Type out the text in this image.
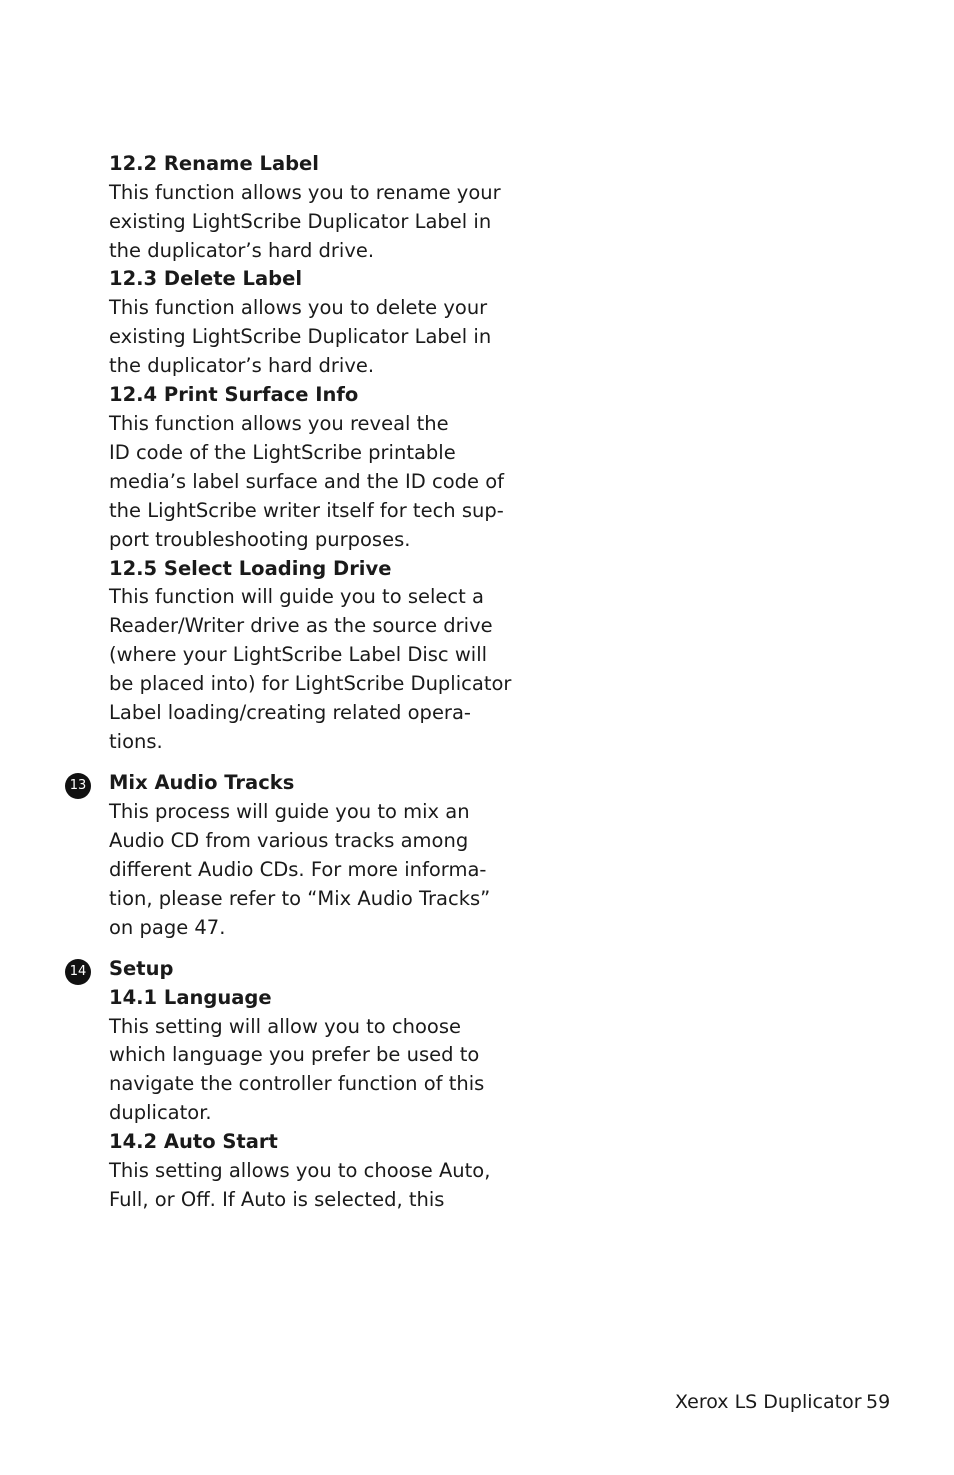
12.2 Rename Label
This function allows you to rename your
existing LightScribe Duplicator Label in
the duplicator’s hard drive.
12.3 Delete Label
This function allows you to delete your
existing LightScribe Duplicator Label in
the duplicator’s hard drive.
12.4 Print Surface Info
This function allows you reveal the
ID code of the LightScribe printable
media’s label surface and the ID code of
the LightScribe writer itself for tech sup-
port troubleshooting purposes.
12.5 Select Loading Drive
This function will guide you to select a
Reader/Writer drive as the source drive
(where your LightScribe Label Disc will
be placed into) for LightScribe Duplicator
Label loading/creating related opera-
tions.
Mix Audio Tracks
This process will guide you to mix an
Audio CD from various tracks among
different Audio CDs. For more informa-
tion, please refer to “Mix Audio Tracks”
on page 47.
Setup
14.1 Language
This setting will allow you to choose
which language you prefer be used to
navigate the controller function of this
duplicator.
14.2 Auto Start
This setting allows you to choose Auto,
Full, or Off. If Auto is selected, this
13
14
Xerox LS Duplicator 59
